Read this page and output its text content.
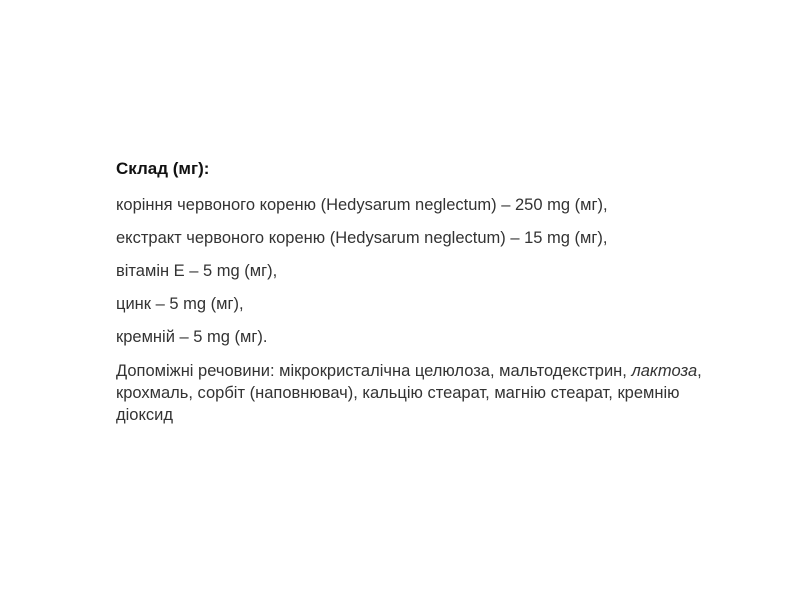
Склад (мг):

коріння червоного кореню (Hedysarum neglectum) – 250 mg (мг),
екстракт червоного кореню (Hedysarum neglectum) – 15 mg (мг),
вітамін Е – 5 mg (мг),
цинк – 5 mg (мг),
кремній – 5 mg (мг).

Допоміжні речовини: мікрокристалічна целюлоза, мальтодекстрин, лактоза, крохмаль, сорбіт (наповнювач), кальцію стеарат, магнію стеарат, кремнію діоксид
